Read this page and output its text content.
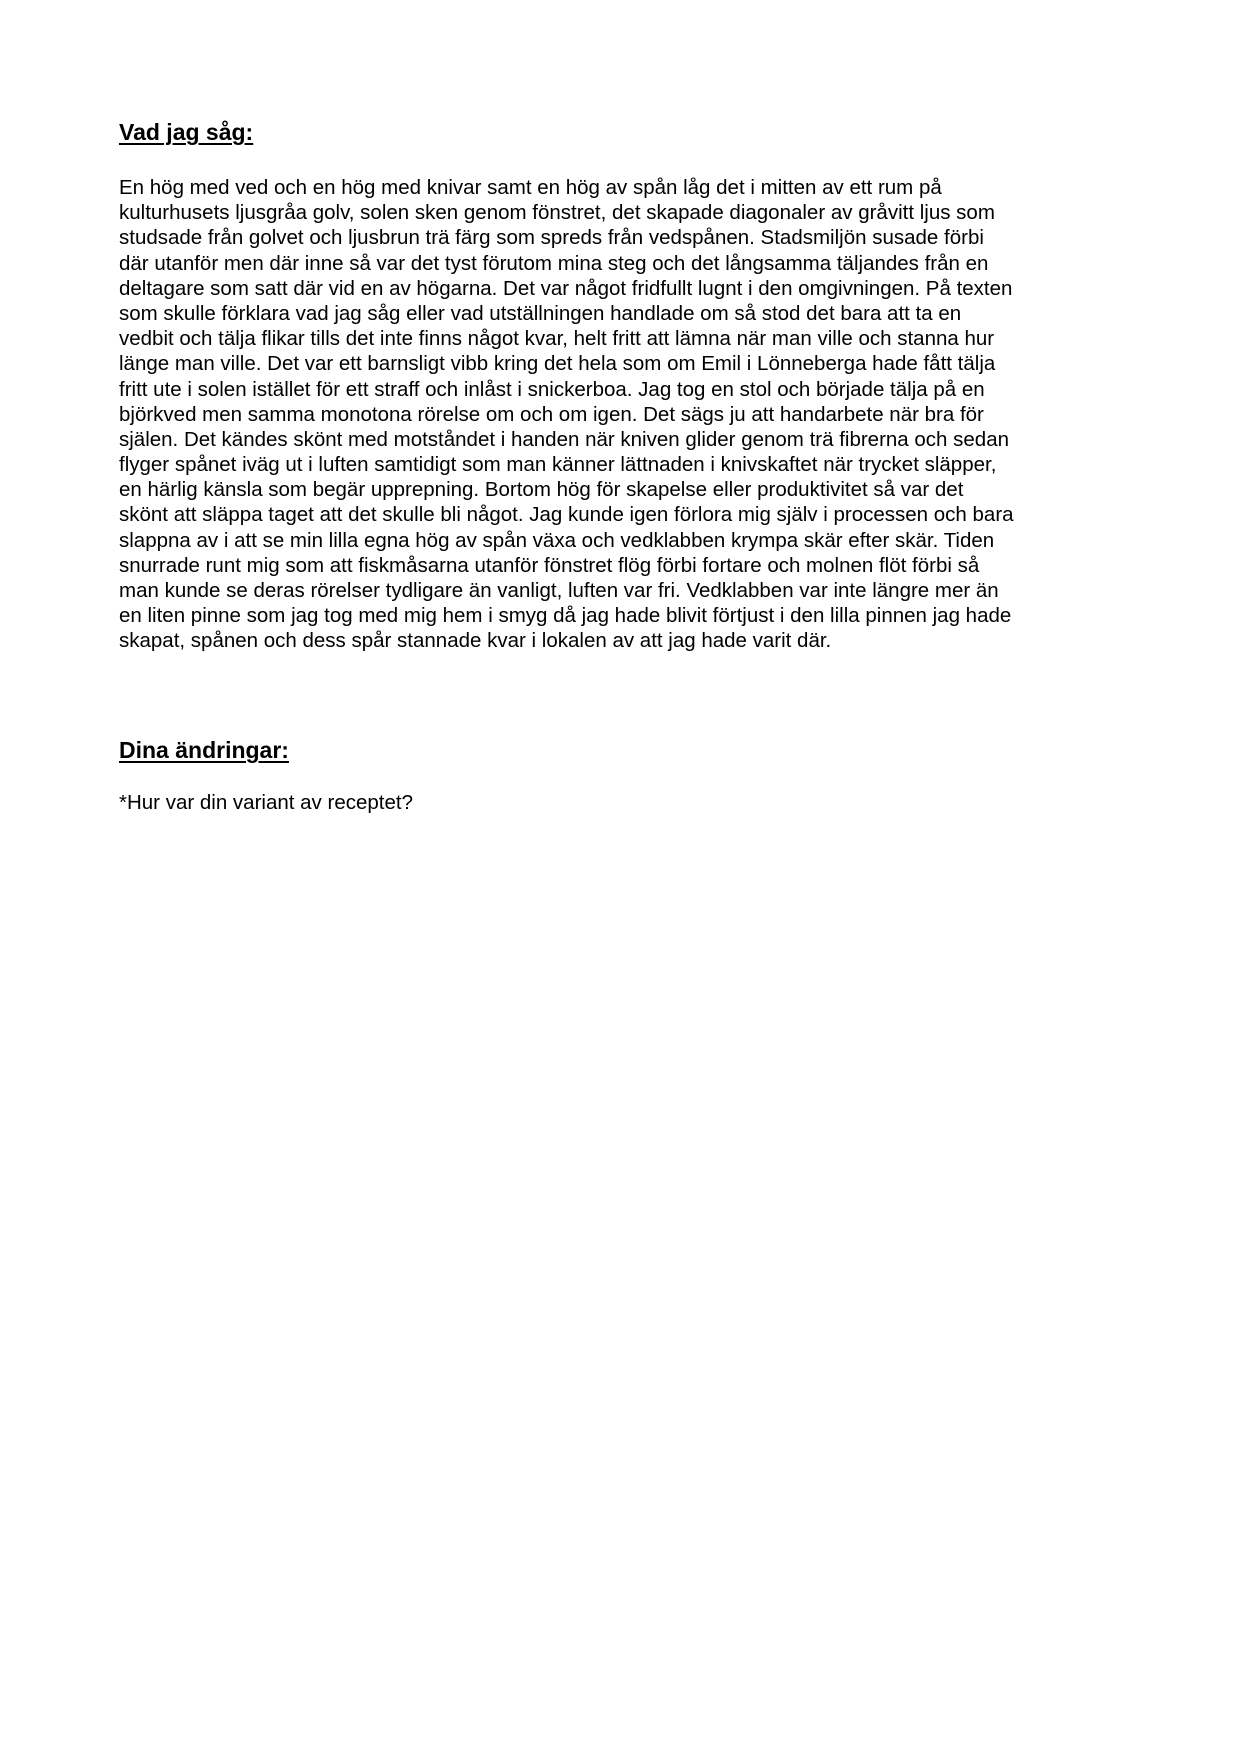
Vad jag såg:

En hög med ved och en hög med knivar samt en hög av spån låg det i mitten av ett rum på
kulturhusets ljusgråa golv, solen sken genom fönstret, det skapade diagonaler av gråvitt ljus som
studsade från golvet och ljusbrun trä färg som spreds från vedspånen. Stadsmiljön susade förbi
där utanför men där inne så var det tyst förutom mina steg och det långsamma täljandes från en
deltagare som satt där vid en av högarna. Det var något fridfullt lugnt i den omgivningen. På texten
som skulle förklara vad jag såg eller vad utställningen handlade om så stod det bara att ta en
vedbit och tälja flikar tills det inte finns något kvar, helt fritt att lämna när man ville och stanna hur
länge man ville. Det var ett barnsligt vibb kring det hela som om Emil i Lönneberga hade fått tälja
fritt ute i solen istället för ett straff och inlåst i snickerboa. Jag tog en stol och började tälja på en
björkved men samma monotona rörelse om och om igen. Det sägs ju att handarbete när bra för
själen. Det kändes skönt med motståndet i handen när kniven glider genom trä fibrerna och sedan
flyger spånet iväg ut i luften samtidigt som man känner lättnaden i knivskaftet när trycket släpper,
en härlig känsla som begär upprepning. Bortom hög för skapelse eller produktivitet så var det
skönt att släppa taget att det skulle bli något. Jag kunde igen förlora mig själv i processen och bara
slappna av i att se min lilla egna hög av spån växa och vedklabben krympa skär efter skär. Tiden
snurrade runt mig som att fiskmåsarna utanför fönstret flög förbi fortare och molnen flöt förbi så
man kunde se deras rörelser tydligare än vanligt, luften var fri. Vedklabben var inte längre mer än
en liten pinne som jag tog med mig hem i smyg då jag hade blivit förtjust i den lilla pinnen jag hade
skapat, spånen och dess spår stannade kvar i lokalen av att jag hade varit där.

Dina ändringar:

*Hur var din variant av receptet?
